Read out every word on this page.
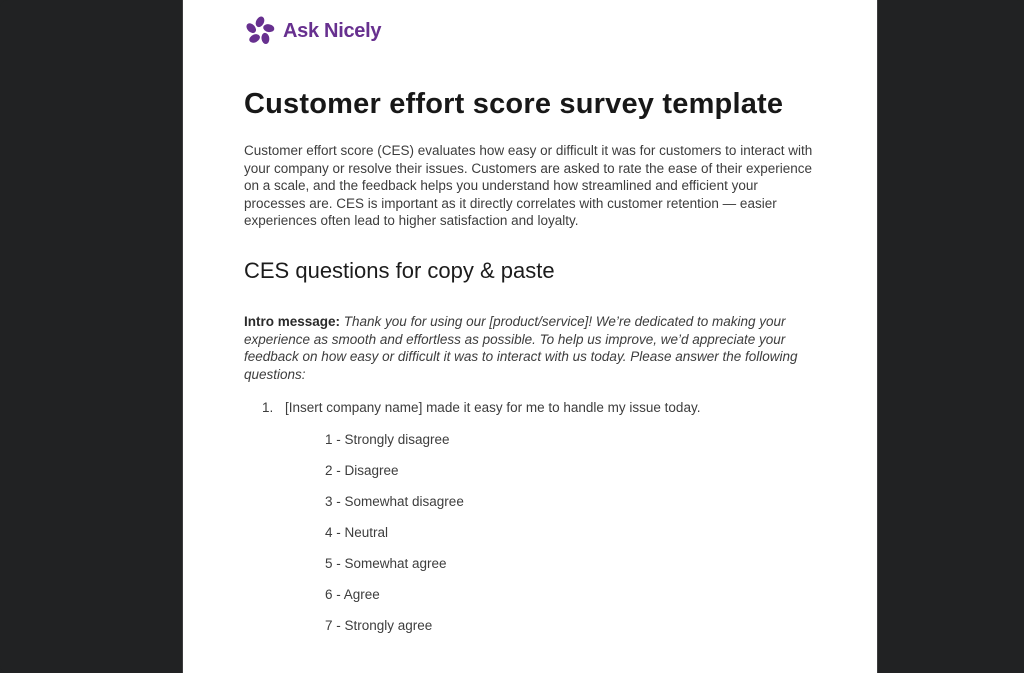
Ask Nicely
Customer effort score survey template

Customer effort score (CES) evaluates how easy or difficult it was for customers to interact with your company or resolve their issues. Customers are asked to rate the ease of their experience on a scale, and the feedback helps you understand how streamlined and efficient your processes are. CES is important as it directly correlates with customer retention — easier experiences often lead to higher satisfaction and loyalty.

CES questions for copy & paste

Intro message: Thank you for using our [product/service]! We’re dedicated to making your experience as smooth and effortless as possible. To help us improve, we’d appreciate your feedback on how easy or difficult it was to interact with us today. Please answer the following questions:

1. [Insert company name] made it easy for me to handle my issue today.
1 - Strongly disagree
2 - Disagree
3 - Somewhat disagree
4 - Neutral
5 - Somewhat agree
6 - Agree
7 - Strongly agree
